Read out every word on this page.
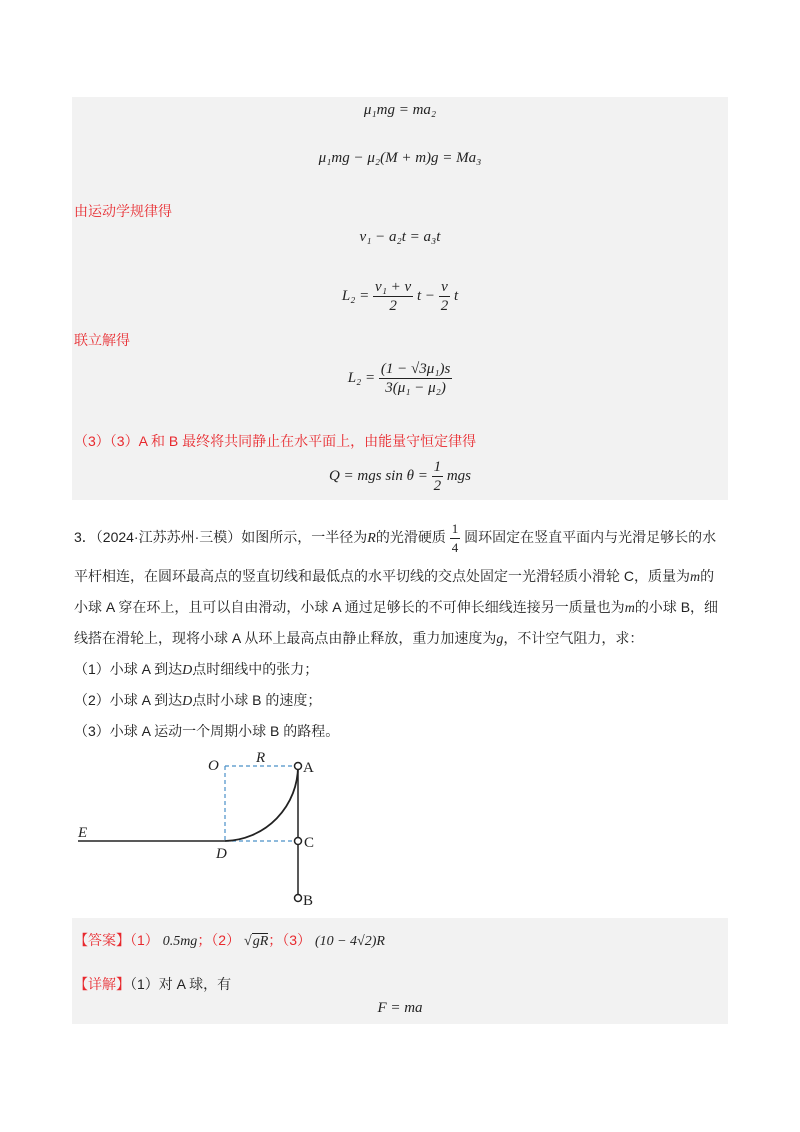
μ₁mg = ma₂
μ₁mg − μ₂(M + m)g = Ma₃
由运动学规律得
v₁ − a₂t = a₃t
$L_2 = \frac{\text{v₁ + v}}{2}$ $t - \frac{v}{2}$ t
联立解得
$L_2 = \frac{\text{(1 − √3μ₁)s}}{\text{3(μ₁ − μ₂)}}$
（3）（3）A 和 B 最终将共同静止在水平面上，由能量守恒定律得
Q = mgs $\sin \theta = \frac{1}{2}$ mgs
3．（2024·江苏苏州·三模）如图所示，一半径为R的光滑硬质 $\frac{1}{4}$ 圆环固定在竖直平面内与光滑足够长的水
平杆相连，在圆环最高点的竖直切线和最低点的水平切线的交点处固定一光滑轻质小滑轮 C，质量为m的
小球 A 穿在环上，且可以自由滑动，小球 A 通过足够长的不可伸长细线连接另一质量也为m的小球 B，细
线搭在滑轮上，现将小球 A 从环上最高点由静止释放，重力加速度为g，不计空气阻力，求：
（1）小球 A 到达D点时细线中的张力；
（2）小球 A 到达D点时小球 B 的速度；
（3）小球 A 运动一个周期小球 B 的路程。
O R
A
E
D
C
B
【答案】（1） 0.5mg；（2） √gR；（3） (10 − 4√2)R
【详解】（1）对 A 球，有
F = ma
